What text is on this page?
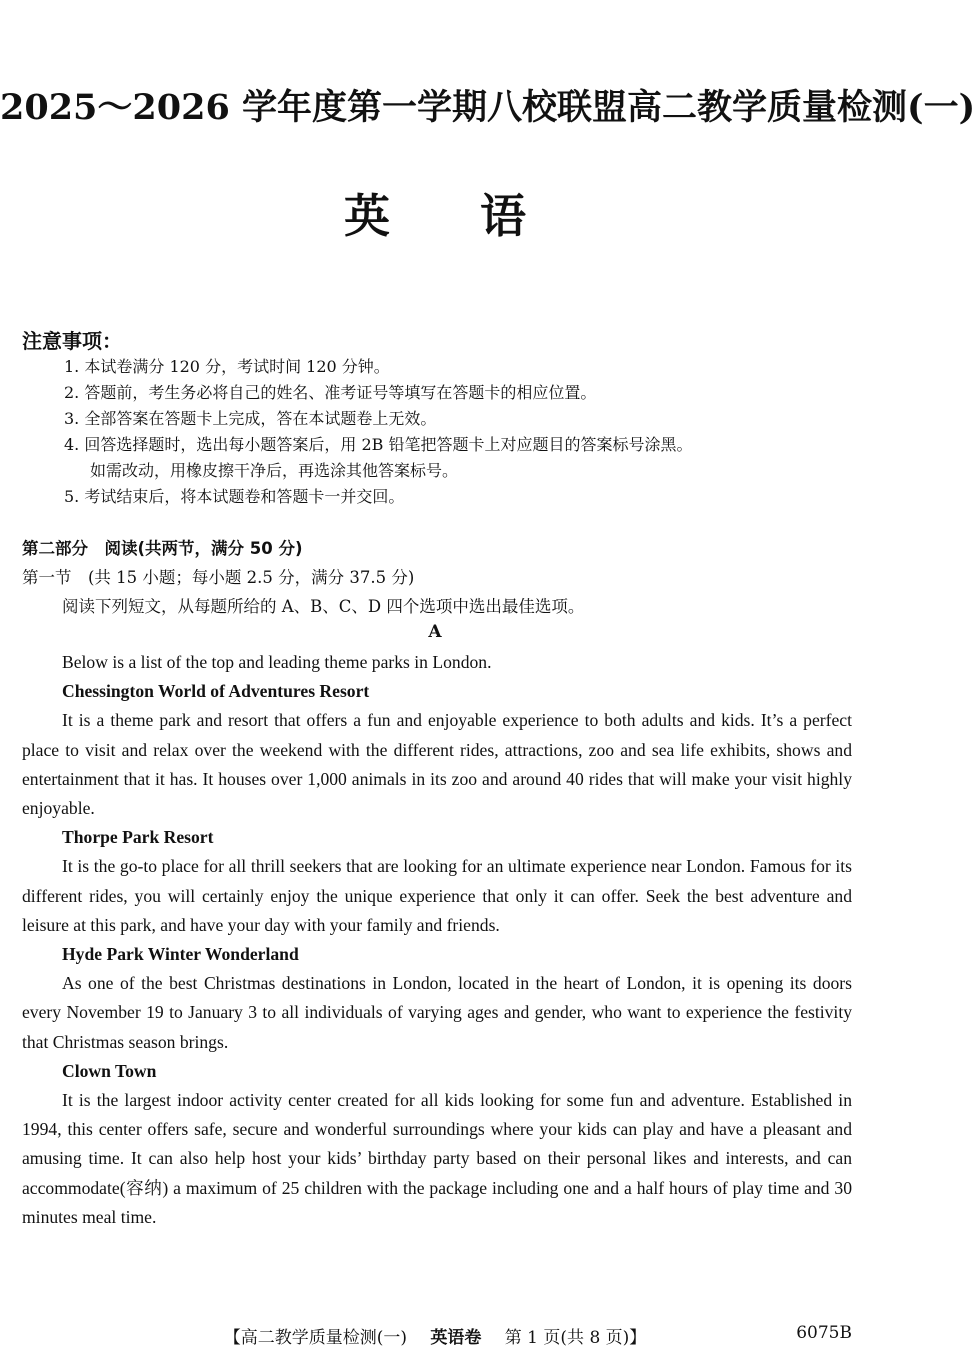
2025～2026 学年度第一学期八校联盟高二教学质量检测(一)
英语
注意事项：
1. 本试卷满分 120 分，考试时间 120 分钟。
2. 答题前，考生务必将自己的姓名、准考证号等填写在答题卡的相应位置。
3. 全部答案在答题卡上完成，答在本试题卷上无效。
4. 回答选择题时，选出每小题答案后，用 2B 铅笔把答题卡上对应题目的答案标号涂黑。
如需改动，用橡皮擦干净后，再选涂其他答案标号。
5. 考试结束后，将本试题卷和答题卡一并交回。
第二部分　阅读(共两节，满分 50 分)
第一节　(共 15 小题；每小题 2.5 分，满分 37.5 分)
阅读下列短文，从每题所给的 A、B、C、D 四个选项中选出最佳选项。
A

Below is a list of the top and leading theme parks in London.

Chessington World of Adventures Resort

It is a theme park and resort that offers a fun and enjoyable experience to both adults and kids. It’s a perfect place to visit and relax over the weekend with the different rides, attractions, zoo and sea life exhibits, shows and entertainment that it has. It houses over 1,000 animals in its zoo and around 40 rides that will make your visit highly enjoyable.

Thorpe Park Resort

It is the go-to place for all thrill seekers that are looking for an ultimate experience near London. Famous for its different rides, you will certainly enjoy the unique experience that only it can offer. Seek the best adventure and leisure at this park, and have your day with your family and friends.

Hyde Park Winter Wonderland

As one of the best Christmas destinations in London, located in the heart of London, it is opening its doors every November 19 to January 3 to all individuals of varying ages and gender, who want to experience the festivity that Christmas season brings.

Clown Town

It is the largest indoor activity center created for all kids looking for some fun and adventure. Established in 1994, this center offers safe, secure and wonderful surroundings where your kids can play and have a pleasant and amusing time. It can also help host your kids’ birthday party based on their personal likes and interests, and can accommodate(容纳) a maximum of 25 children with the package including one and a half hours of play time and 30 minutes meal time.

【高二教学质量检测(一) 英语卷 第 1 页(共 8 页)】	6075B
